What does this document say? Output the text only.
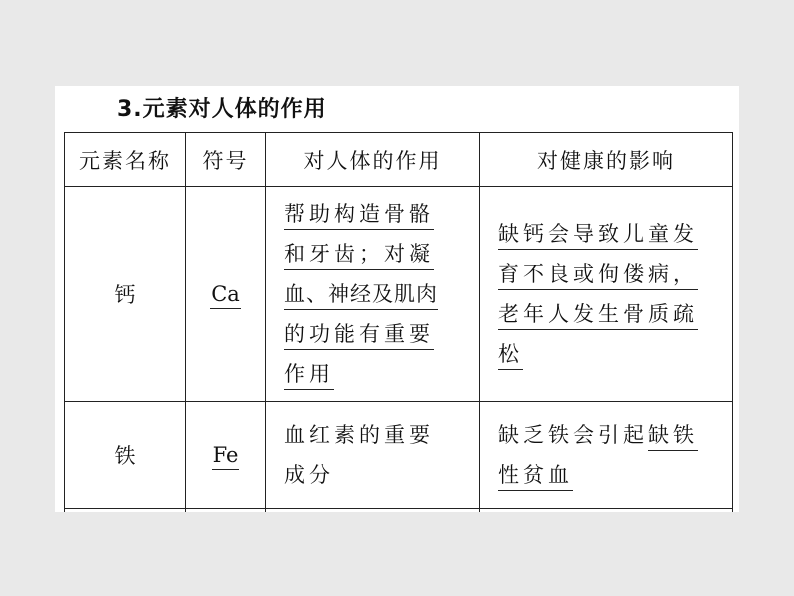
3.元素对人体的作用
元素名称	符号	对人体的作用	对健康的影响
钙	Ca	帮助构造骨骼
和牙齿；对凝
血、神经及肌肉
的功能有重要
作用	缺钙会导致儿童发
育不良或佝偻病，
老年人发生骨质疏
松
铁	Fe	血红素的重要
成分	缺乏铁会引起缺铁
性贫血
